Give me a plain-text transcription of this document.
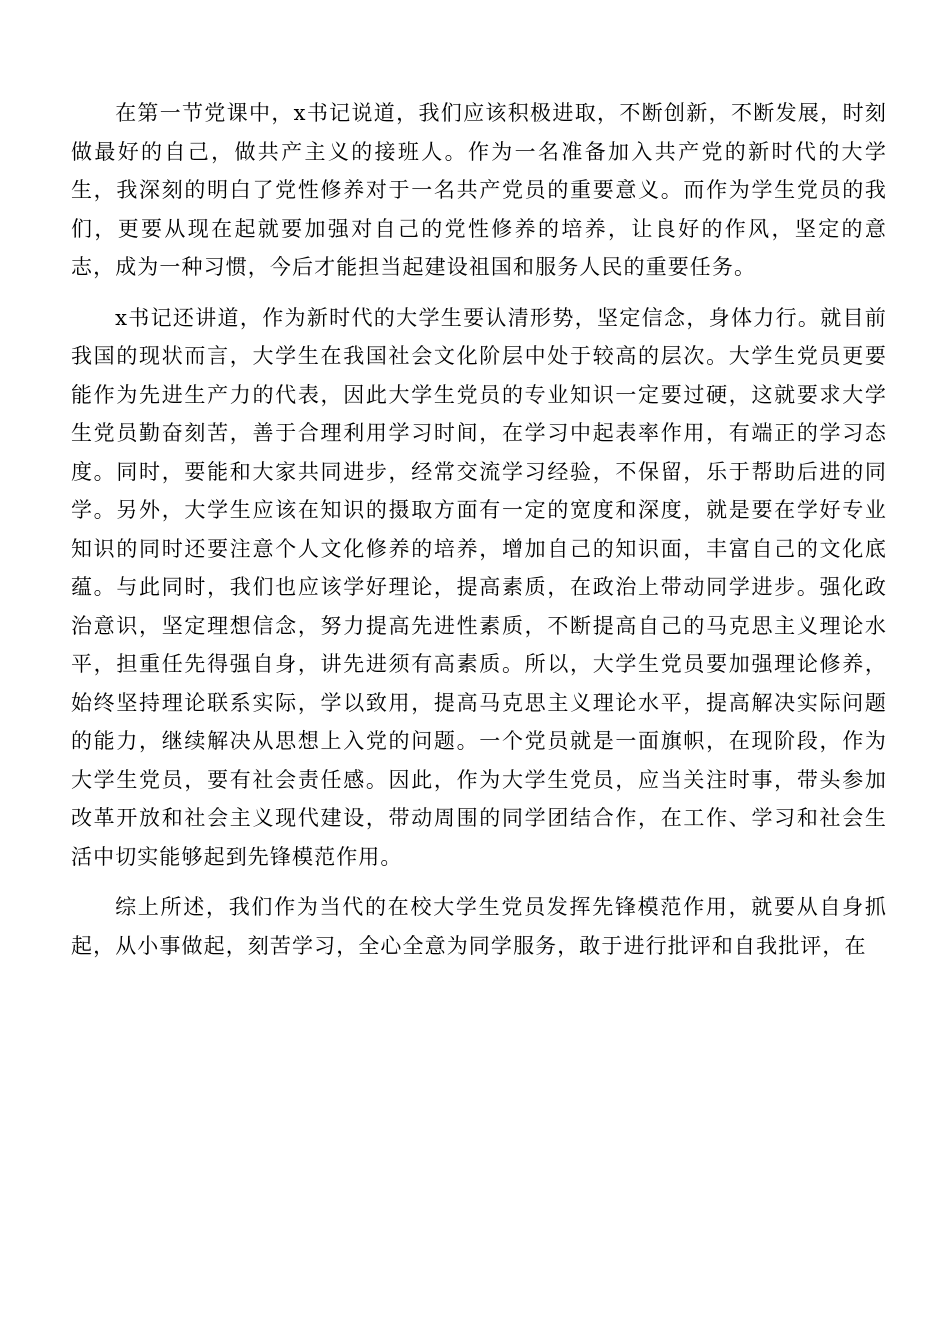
在第一节党课中，x书记说道，我们应该积极进取，不断创新，不断发展，时刻做最好的自己，做共产主义的接班人。作为一名准备加入共产党的新时代的大学生，我深刻的明白了党性修养对于一名共产党员的重要意义。而作为学生党员的我们，更要从现在起就要加强对自己的党性修养的培养，让良好的作风，坚定的意志，成为一种习惯，今后才能担当起建设祖国和服务人民的重要任务。

x书记还讲道，作为新时代的大学生要认清形势，坚定信念，身体力行。就目前我国的现状而言，大学生在我国社会文化阶层中处于较高的层次。大学生党员更要能作为先进生产力的代表，因此大学生党员的专业知识一定要过硬，这就要求大学生党员勤奋刻苦，善于合理利用学习时间，在学习中起表率作用，有端正的学习态度。同时，要能和大家共同进步，经常交流学习经验，不保留，乐于帮助后进的同学。另外，大学生应该在知识的摄取方面有一定的宽度和深度，就是要在学好专业知识的同时还要注意个人文化修养的培养，增加自己的知识面，丰富自己的文化底蕴。与此同时，我们也应该学好理论，提高素质，在政治上带动同学进步。强化政治意识，坚定理想信念，努力提高先进性素质，不断提高自己的马克思主义理论水平，担重任先得强自身，讲先进须有高素质。所以，大学生党员要加强理论修养，始终坚持理论联系实际，学以致用，提高马克思主义理论水平，提高解决实际问题的能力，继续解决从思想上入党的问题。一个党员就是一面旗帜，在现阶段，作为大学生党员，要有社会责任感。因此，作为大学生党员，应当关注时事，带头参加改革开放和社会主义现代建设，带动周围的同学团结合作，在工作、学习和社会生活中切实能够起到先锋模范作用。

综上所述，我们作为当代的在校大学生党员发挥先锋模范作用，就要从自身抓起，从小事做起，刻苦学习，全心全意为同学服务，敢于进行批评和自我批评，在
